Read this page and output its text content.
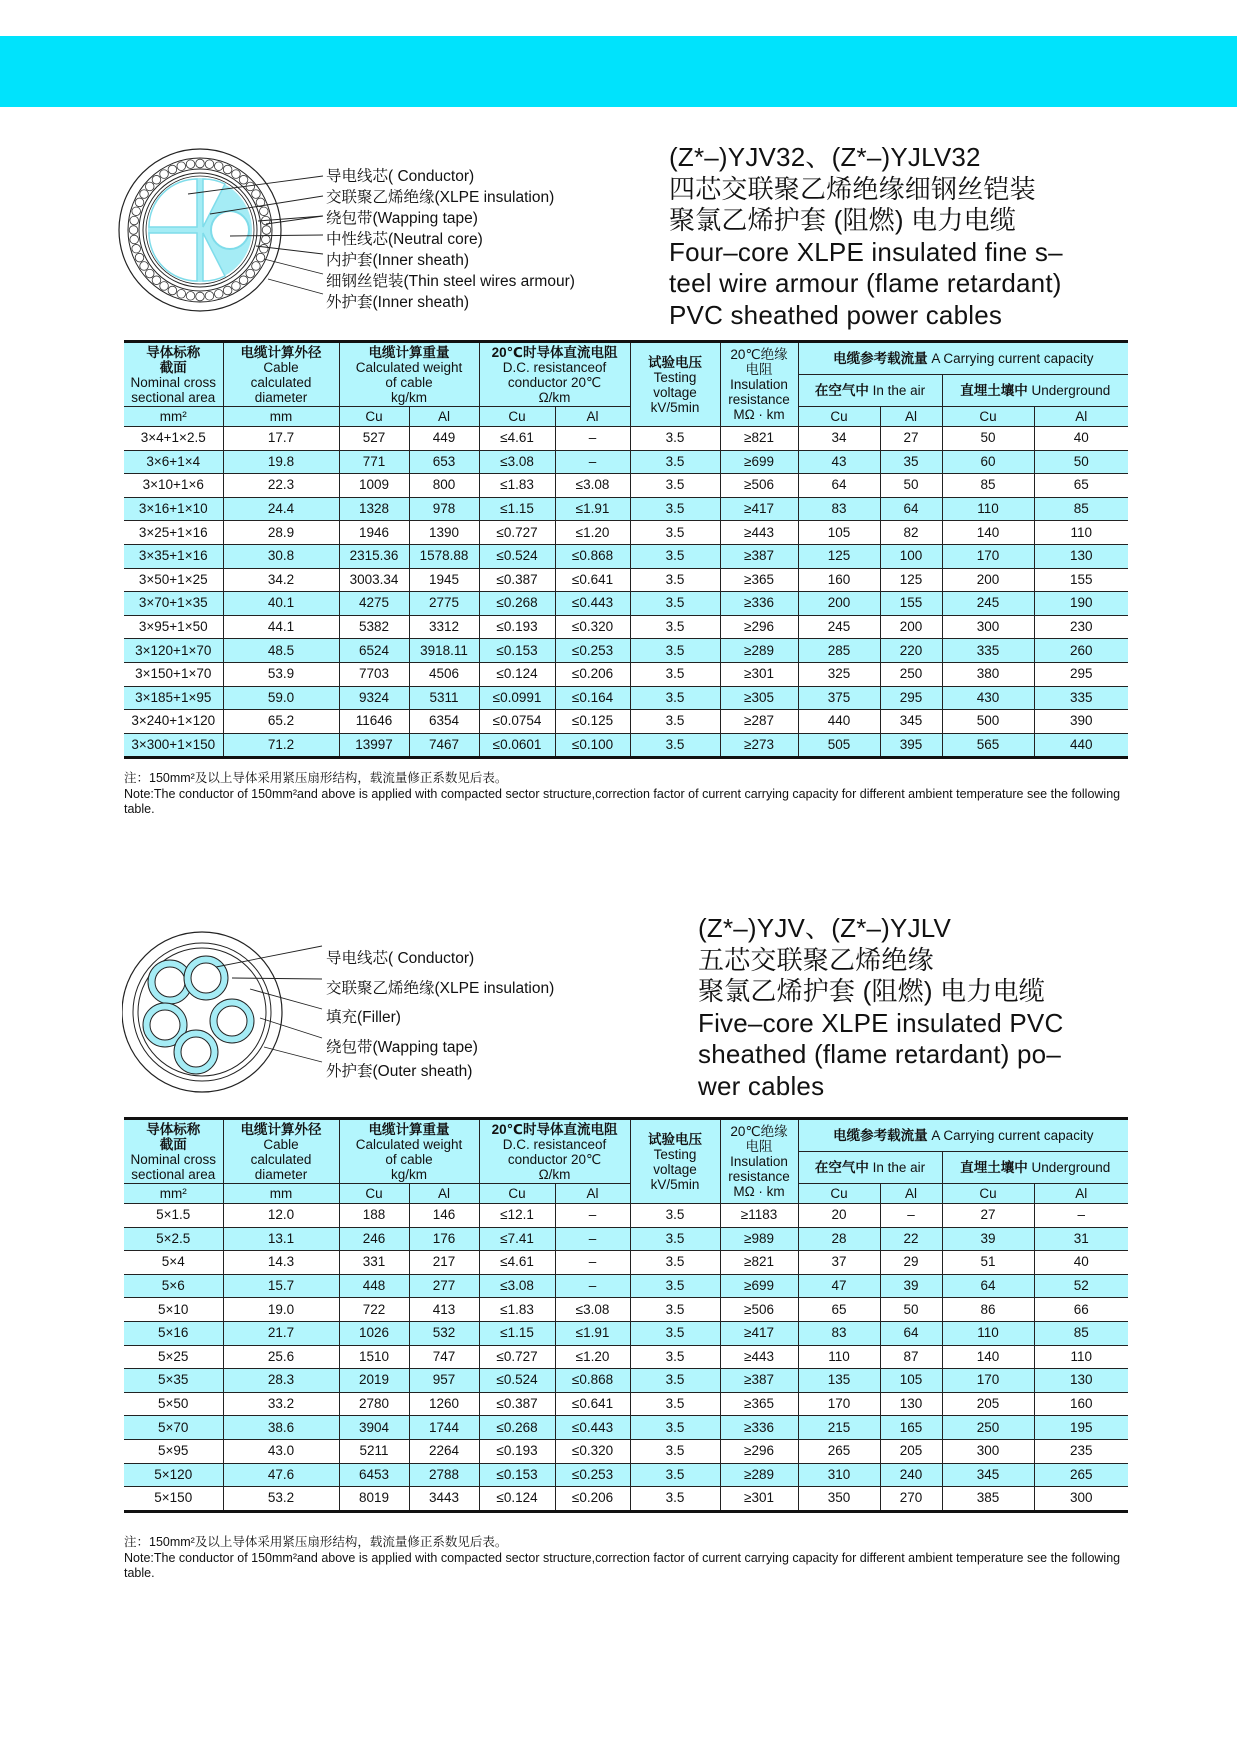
导电线芯( Conductor)
交联聚乙烯绝缘(XLPE insulation)
绕包带(Wapping tape)
中性线芯(Neutral core)
内护套(Inner sheath)
细钢丝铠装(Thin steel wires armour)
外护套(Inner sheath)
(Z*–)YJV32、(Z*–)YJLV32
四芯交联聚乙烯绝缘细钢丝铠装
聚氯乙烯护套 (阻燃) 电力电缆
Four–core XLPE insulated fine s–
teel wire armour (flame retardant)
PVC sheathed power cables
导体标称
截面
Nominal cross
sectional area

电缆计算外径
Cable
calculated
diameter

电缆计算重量
Calculated weight
of cable
kg/km

20℃时导体直流电阻
D.C. resistanceof
conductor 20℃
Ω/km

试验电压
Testing
voltage
kV/5min

20℃绝缘
电阻
Insulation
resistance
MΩ · km
	电缆参考载流量 A Carrying current capacity
								在空气中 In the air		直埋土壤中 Underground	
mm²	mm	Cu	Al	Cu	Al			Cu	Al	Cu	Al
3×4+1×2.5	17.7	527	449	≤4.61	–	3.5	≥821	34	27	50	40
3×6+1×4	19.8	771	653	≤3.08	–	3.5	≥699	43	35	60	50
3×10+1×6	22.3	1009	800	≤1.83	≤3.08	3.5	≥506	64	50	85	65
3×16+1×10	24.4	1328	978	≤1.15	≤1.91	3.5	≥417	83	64	110	85
3×25+1×16	28.9	1946	1390	≤0.727	≤1.20	3.5	≥443	105	82	140	110
3×35+1×16	30.8	2315.36	1578.88	≤0.524	≤0.868	3.5	≥387	125	100	170	130
3×50+1×25	34.2	3003.34	1945	≤0.387	≤0.641	3.5	≥365	160	125	200	155
3×70+1×35	40.1	4275	2775	≤0.268	≤0.443	3.5	≥336	200	155	245	190
3×95+1×50	44.1	5382	3312	≤0.193	≤0.320	3.5	≥296	245	200	300	230
3×120+1×70	48.5	6524	3918.11	≤0.153	≤0.253	3.5	≥289	285	220	335	260
3×150+1×70	53.9	7703	4506	≤0.124	≤0.206	3.5	≥301	325	250	380	295
3×185+1×95	59.0	9324	5311	≤0.0991	≤0.164	3.5	≥305	375	295	430	335
3×240+1×120	65.2	11646	6354	≤0.0754	≤0.125	3.5	≥287	440	345	500	390
3×300+1×150	71.2	13997	7467	≤0.0601	≤0.100	3.5	≥273	505	395	565	440
注：150mm²及以上导体采用紧压扇形结构，载流量修正系数见后表。
Note:The conductor of 150mm²and above is applied with compacted sector structure,correction factor of current carrying capacity for different ambient temperature see the following table.
导电线芯( Conductor)
交联聚乙烯绝缘(XLPE insulation)
填充(Filler)
绕包带(Wapping tape)
外护套(Outer sheath)
(Z*–)YJV、(Z*–)YJLV
五芯交联聚乙烯绝缘
聚氯乙烯护套 (阻燃) 电力电缆
Five–core XLPE insulated PVC
sheathed (flame retardant) po–
wer cables
导体标称
截面
Nominal cross
sectional area

电缆计算外径
Cable
calculated
diameter

电缆计算重量
Calculated weight
of cable
kg/km

20℃时导体直流电阻
D.C. resistanceof
conductor 20℃
Ω/km

试验电压
Testing
voltage
kV/5min

20℃绝缘
电阻
Insulation
resistance
MΩ · km
	电缆参考载流量 A Carrying current capacity
								在空气中 In the air		直埋土壤中 Underground	
mm²	mm	Cu	Al	Cu	Al			Cu	Al	Cu	Al
5×1.5	12.0	188	146	≤12.1	–	3.5	≥1183	20	–	27	–
5×2.5	13.1	246	176	≤7.41	–	3.5	≥989	28	22	39	31
5×4	14.3	331	217	≤4.61	–	3.5	≥821	37	29	51	40
5×6	15.7	448	277	≤3.08	–	3.5	≥699	47	39	64	52
5×10	19.0	722	413	≤1.83	≤3.08	3.5	≥506	65	50	86	66
5×16	21.7	1026	532	≤1.15	≤1.91	3.5	≥417	83	64	110	85
5×25	25.6	1510	747	≤0.727	≤1.20	3.5	≥443	110	87	140	110
5×35	28.3	2019	957	≤0.524	≤0.868	3.5	≥387	135	105	170	130
5×50	33.2	2780	1260	≤0.387	≤0.641	3.5	≥365	170	130	205	160
5×70	38.6	3904	1744	≤0.268	≤0.443	3.5	≥336	215	165	250	195
5×95	43.0	5211	2264	≤0.193	≤0.320	3.5	≥296	265	205	300	235
5×120	47.6	6453	2788	≤0.153	≤0.253	3.5	≥289	310	240	345	265
5×150	53.2	8019	3443	≤0.124	≤0.206	3.5	≥301	350	270	385	300
注：150mm²及以上导体采用紧压扇形结构，载流量修正系数见后表。
Note:The conductor of 150mm²and above is applied with compacted sector structure,correction factor of current carrying capacity for different ambient temperature see the following table.
